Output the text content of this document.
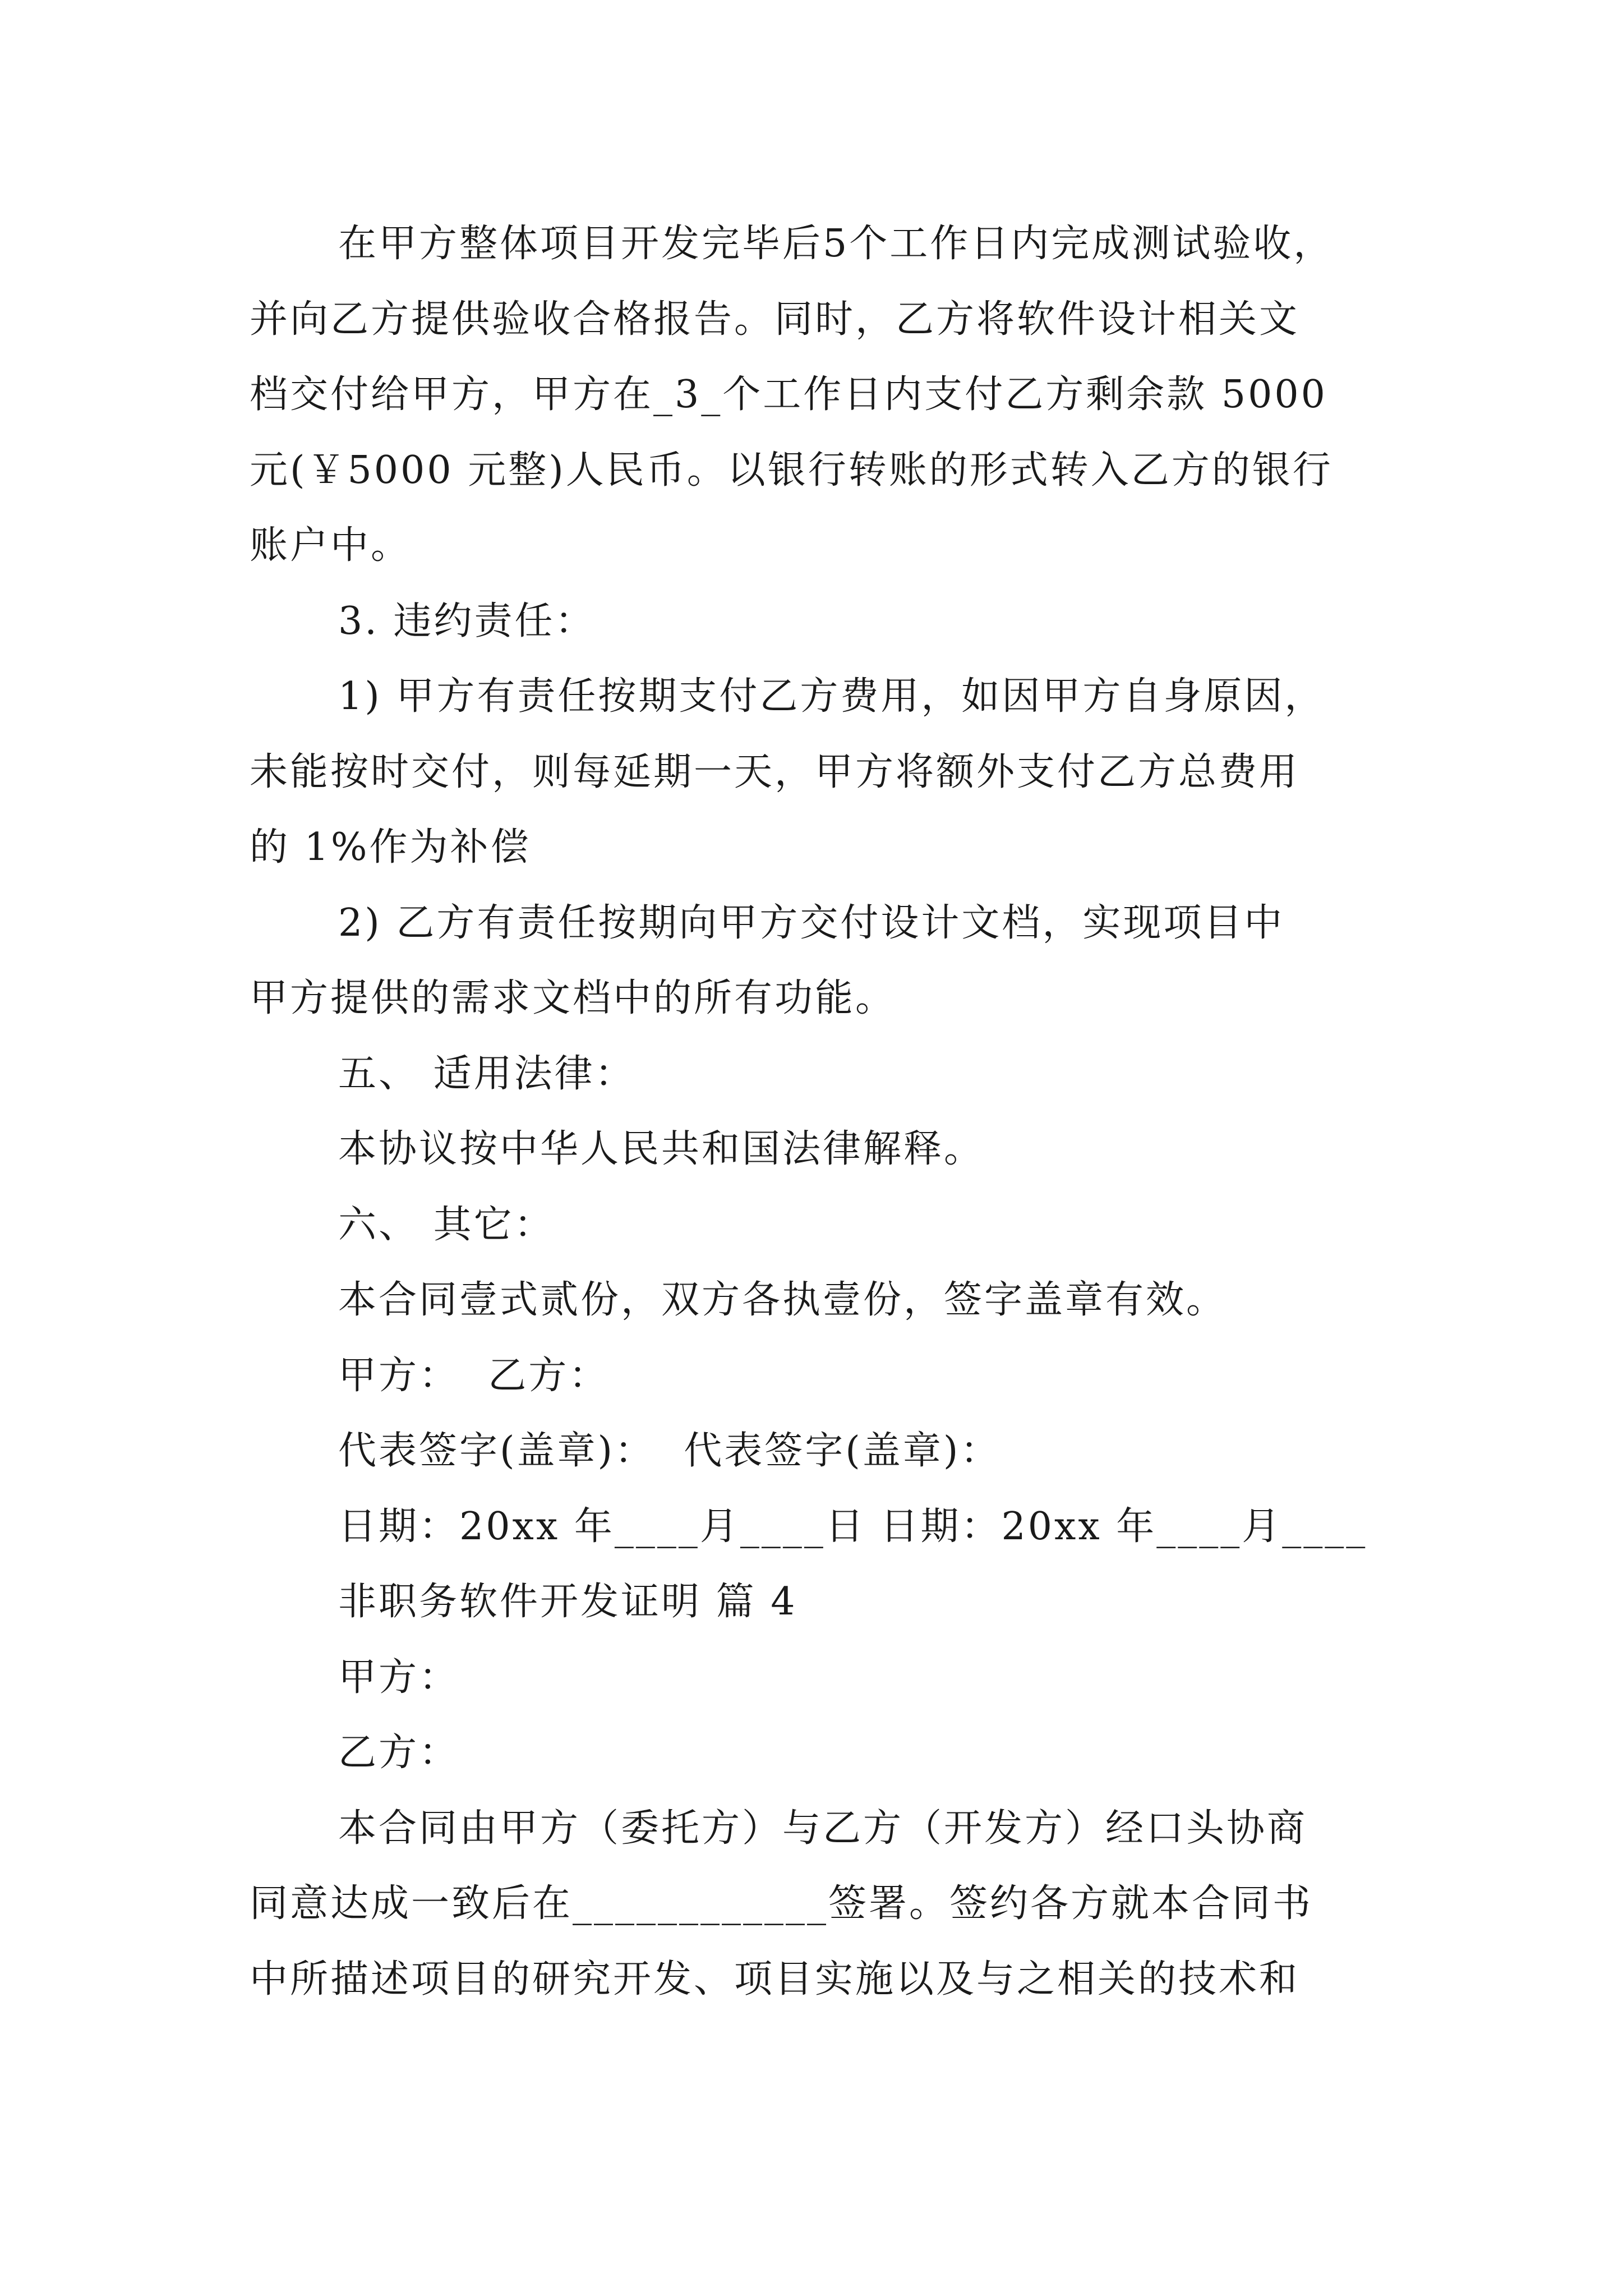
在甲方整体项目开发完毕后5个工作日内完成测试验收，
并向乙方提供验收合格报告。同时，乙方将软件设计相关文
档交付给甲方，甲方在_3_个工作日内支付乙方剩余款 5000
元(￥5000 元整)人民币。以银行转账的形式转入乙方的银行
账户中。
3. 违约责任：
1) 甲方有责任按期支付乙方费用，如因甲方自身原因，
未能按时交付，则每延期一天，甲方将额外支付乙方总费用
的 1%作为补偿
2) 乙方有责任按期向甲方交付设计文档，实现项目中
甲方提供的需求文档中的所有功能。
五、 适用法律：
本协议按中华人民共和国法律解释。
六、 其它：
本合同壹式贰份，双方各执壹份，签字盖章有效。
甲方：  乙方：
代表签字(盖章)：  代表签字(盖章)：
日期：20xx 年____月____日 日期：20xx 年____月____
非职务软件开发证明 篇 4
甲方：
乙方：
本合同由甲方（委托方）与乙方（开发方）经口头协商
同意达成一致后在____________签署。签约各方就本合同书
中所描述项目的研究开发、项目实施以及与之相关的技术和
